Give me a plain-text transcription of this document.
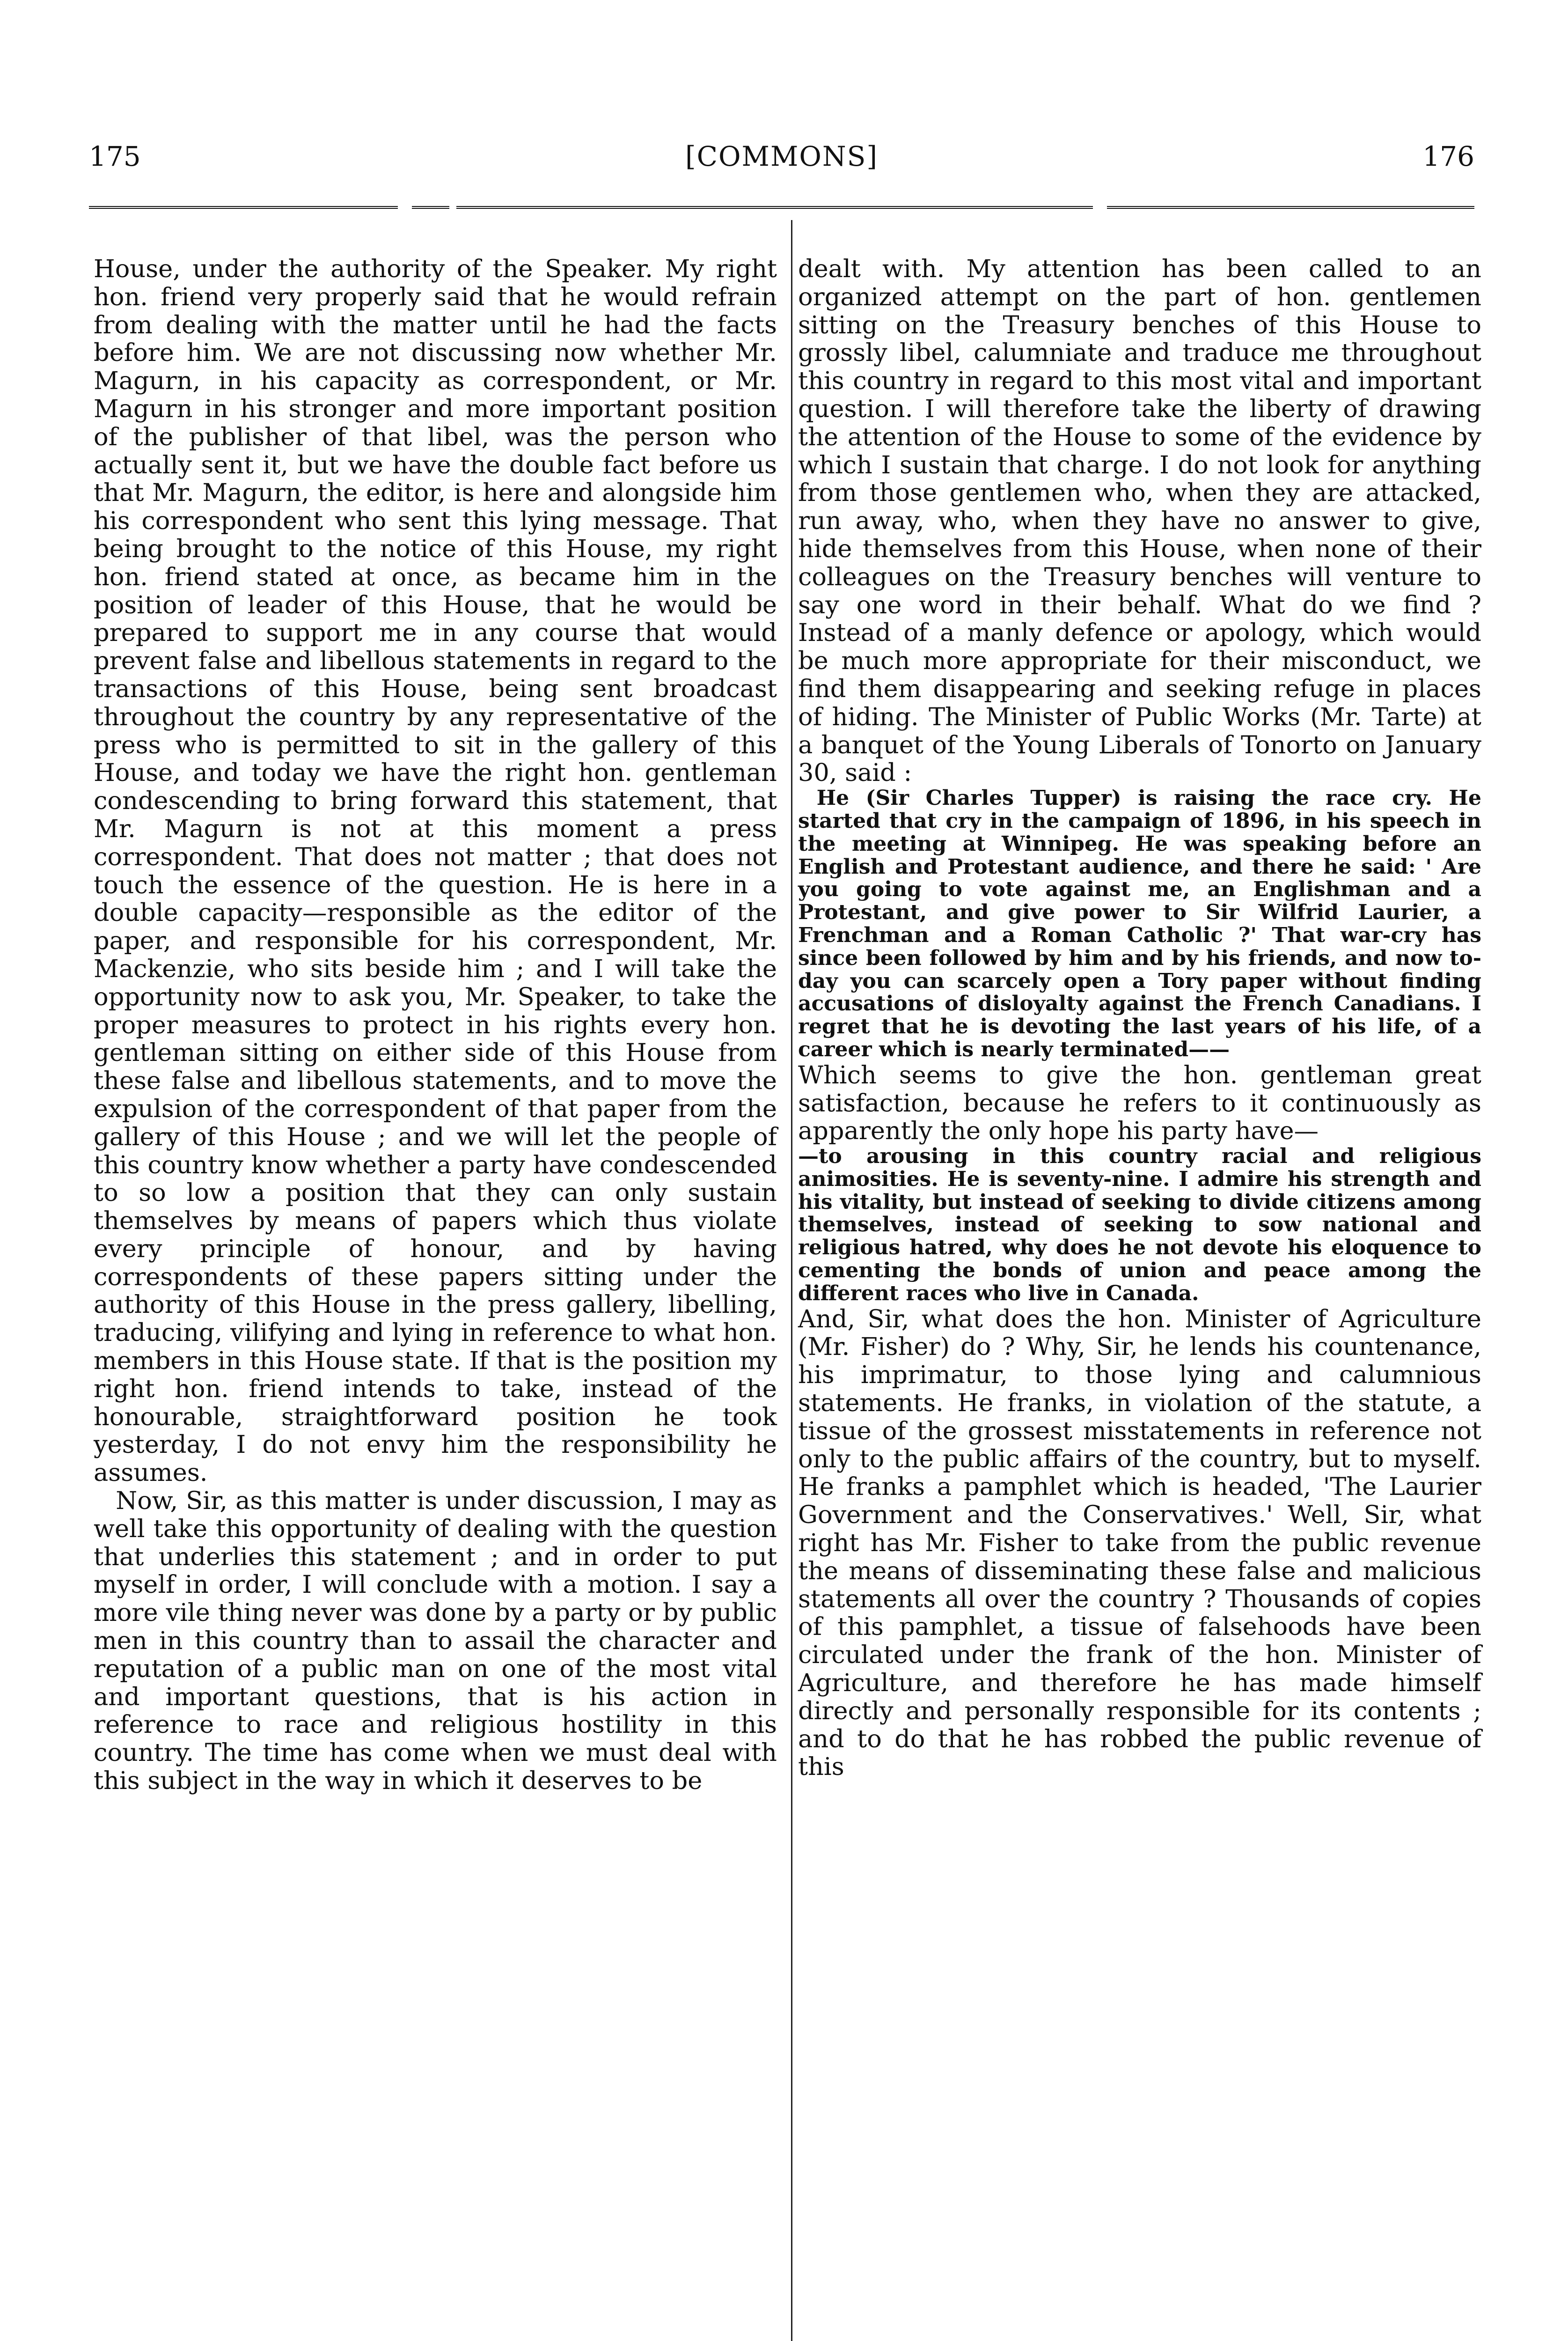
175	[COMMONS]	176

House, under the authority of the Speaker. My right hon. friend very properly said that he would refrain from dealing with the matter until he had the facts before him. We are not discussing now whether Mr. Magurn, in his capacity as correspondent, or Mr. Magurn in his stronger and more important position of the publisher of that libel, was the person who actually sent it, but we have the double fact before us that Mr. Magurn, the editor, is here and alongside him his correspondent who sent this lying message. That being brought to the notice of this House, my right hon. friend stated at once, as became him in the position of leader of this House, that he would be prepared to support me in any course that would prevent false and libellous statements in regard to the transactions of this House, being sent broadcast throughout the country by any representative of the press who is permitted to sit in the gallery of this House, and today we have the right hon. gentleman condescending to bring forward this statement, that Mr. Magurn is not at this moment a press correspondent. That does not matter ; that does not touch the essence of the question. He is here in a double capacity—responsible as the editor of the paper, and responsible for his correspondent, Mr. Mackenzie, who sits beside him ; and I will take the opportunity now to ask you, Mr. Speaker, to take the proper measures to protect in his rights every hon. gentleman sitting on either side of this House from these false and libellous statements, and to move the expulsion of the correspondent of that paper from the gallery of this House ; and we will let the people of this country know whether a party have condescended to so low a position that they can only sustain themselves by means of papers which thus violate every principle of honour, and by having correspondents of these papers sitting under the authority of this House in the press gallery, libelling, traducing, vilifying and lying in reference to what hon. members in this House state. If that is the position my right hon. friend intends to take, instead of the honourable, straightforward position he took yesterday, I do not envy him the responsibility he assumes.

Now, Sir, as this matter is under discussion, I may as well take this opportunity of dealing with the question that underlies this statement ; and in order to put myself in order, I will conclude with a motion. I say a more vile thing never was done by a party or by public men in this country than to assail the character and reputation of a public man on one of the most vital and important questions, that is his action in reference to race and religious hostility in this country. The time has come when we must deal with this subject in the way in which it deserves to be

dealt with. My attention has been called to an organized attempt on the part of hon. gentlemen sitting on the Treasury benches of this House to grossly libel, calumniate and traduce me throughout this country in regard to this most vital and important question. I will therefore take the liberty of drawing the attention of the House to some of the evidence by which I sustain that charge. I do not look for anything from those gentlemen who, when they are attacked, run away, who, when they have no answer to give, hide themselves from this House, when none of their colleagues on the Treasury benches will venture to say one word in their behalf. What do we find ? Instead of a manly defence or apology, which would be much more appropriate for their misconduct, we find them disappearing and seeking refuge in places of hiding. The Minister of Public Works (Mr. Tarte) at a banquet of the Young Liberals of Tonorto on January 30, said :

He (Sir Charles Tupper) is raising the race cry. He started that cry in the campaign of 1896, in his speech in the meeting at Winnipeg. He was speaking before an English and Protestant audience, and there he said: ' Are you going to vote against me, an Englishman and a Protestant, and give power to Sir Wilfrid Laurier, a Frenchman and a Roman Catholic ?' That war-cry has since been followed by him and by his friends, and now to-day you can scarcely open a Tory paper without finding accusations of disloyalty against the French Canadians. I regret that he is devoting the last years of his life, of a career which is nearly terminated——

Which seems to give the hon. gentleman great satisfaction, because he refers to it continuously as apparently the only hope his party have—

—to arousing in this country racial and religious animosities. He is seventy-nine. I admire his strength and his vitality, but instead of seeking to divide citizens among themselves, instead of seeking to sow national and religious hatred, why does he not devote his eloquence to cementing the bonds of union and peace among the different races who live in Canada.

And, Sir, what does the hon. Minister of Agriculture (Mr. Fisher) do ? Why, Sir, he lends his countenance, his imprimatur, to those lying and calumnious statements. He franks, in violation of the statute, a tissue of the grossest misstatements in reference not only to the public affairs of the country, but to myself. He franks a pamphlet which is headed, 'The Laurier Government and the Conservatives.' Well, Sir, what right has Mr. Fisher to take from the public revenue the means of disseminating these false and malicious statements all over the country ? Thousands of copies of this pamphlet, a tissue of falsehoods have been circulated under the frank of the hon. Minister of Agriculture, and therefore he has made himself directly and personally responsible for its contents ; and to do that he has robbed the public revenue of this
